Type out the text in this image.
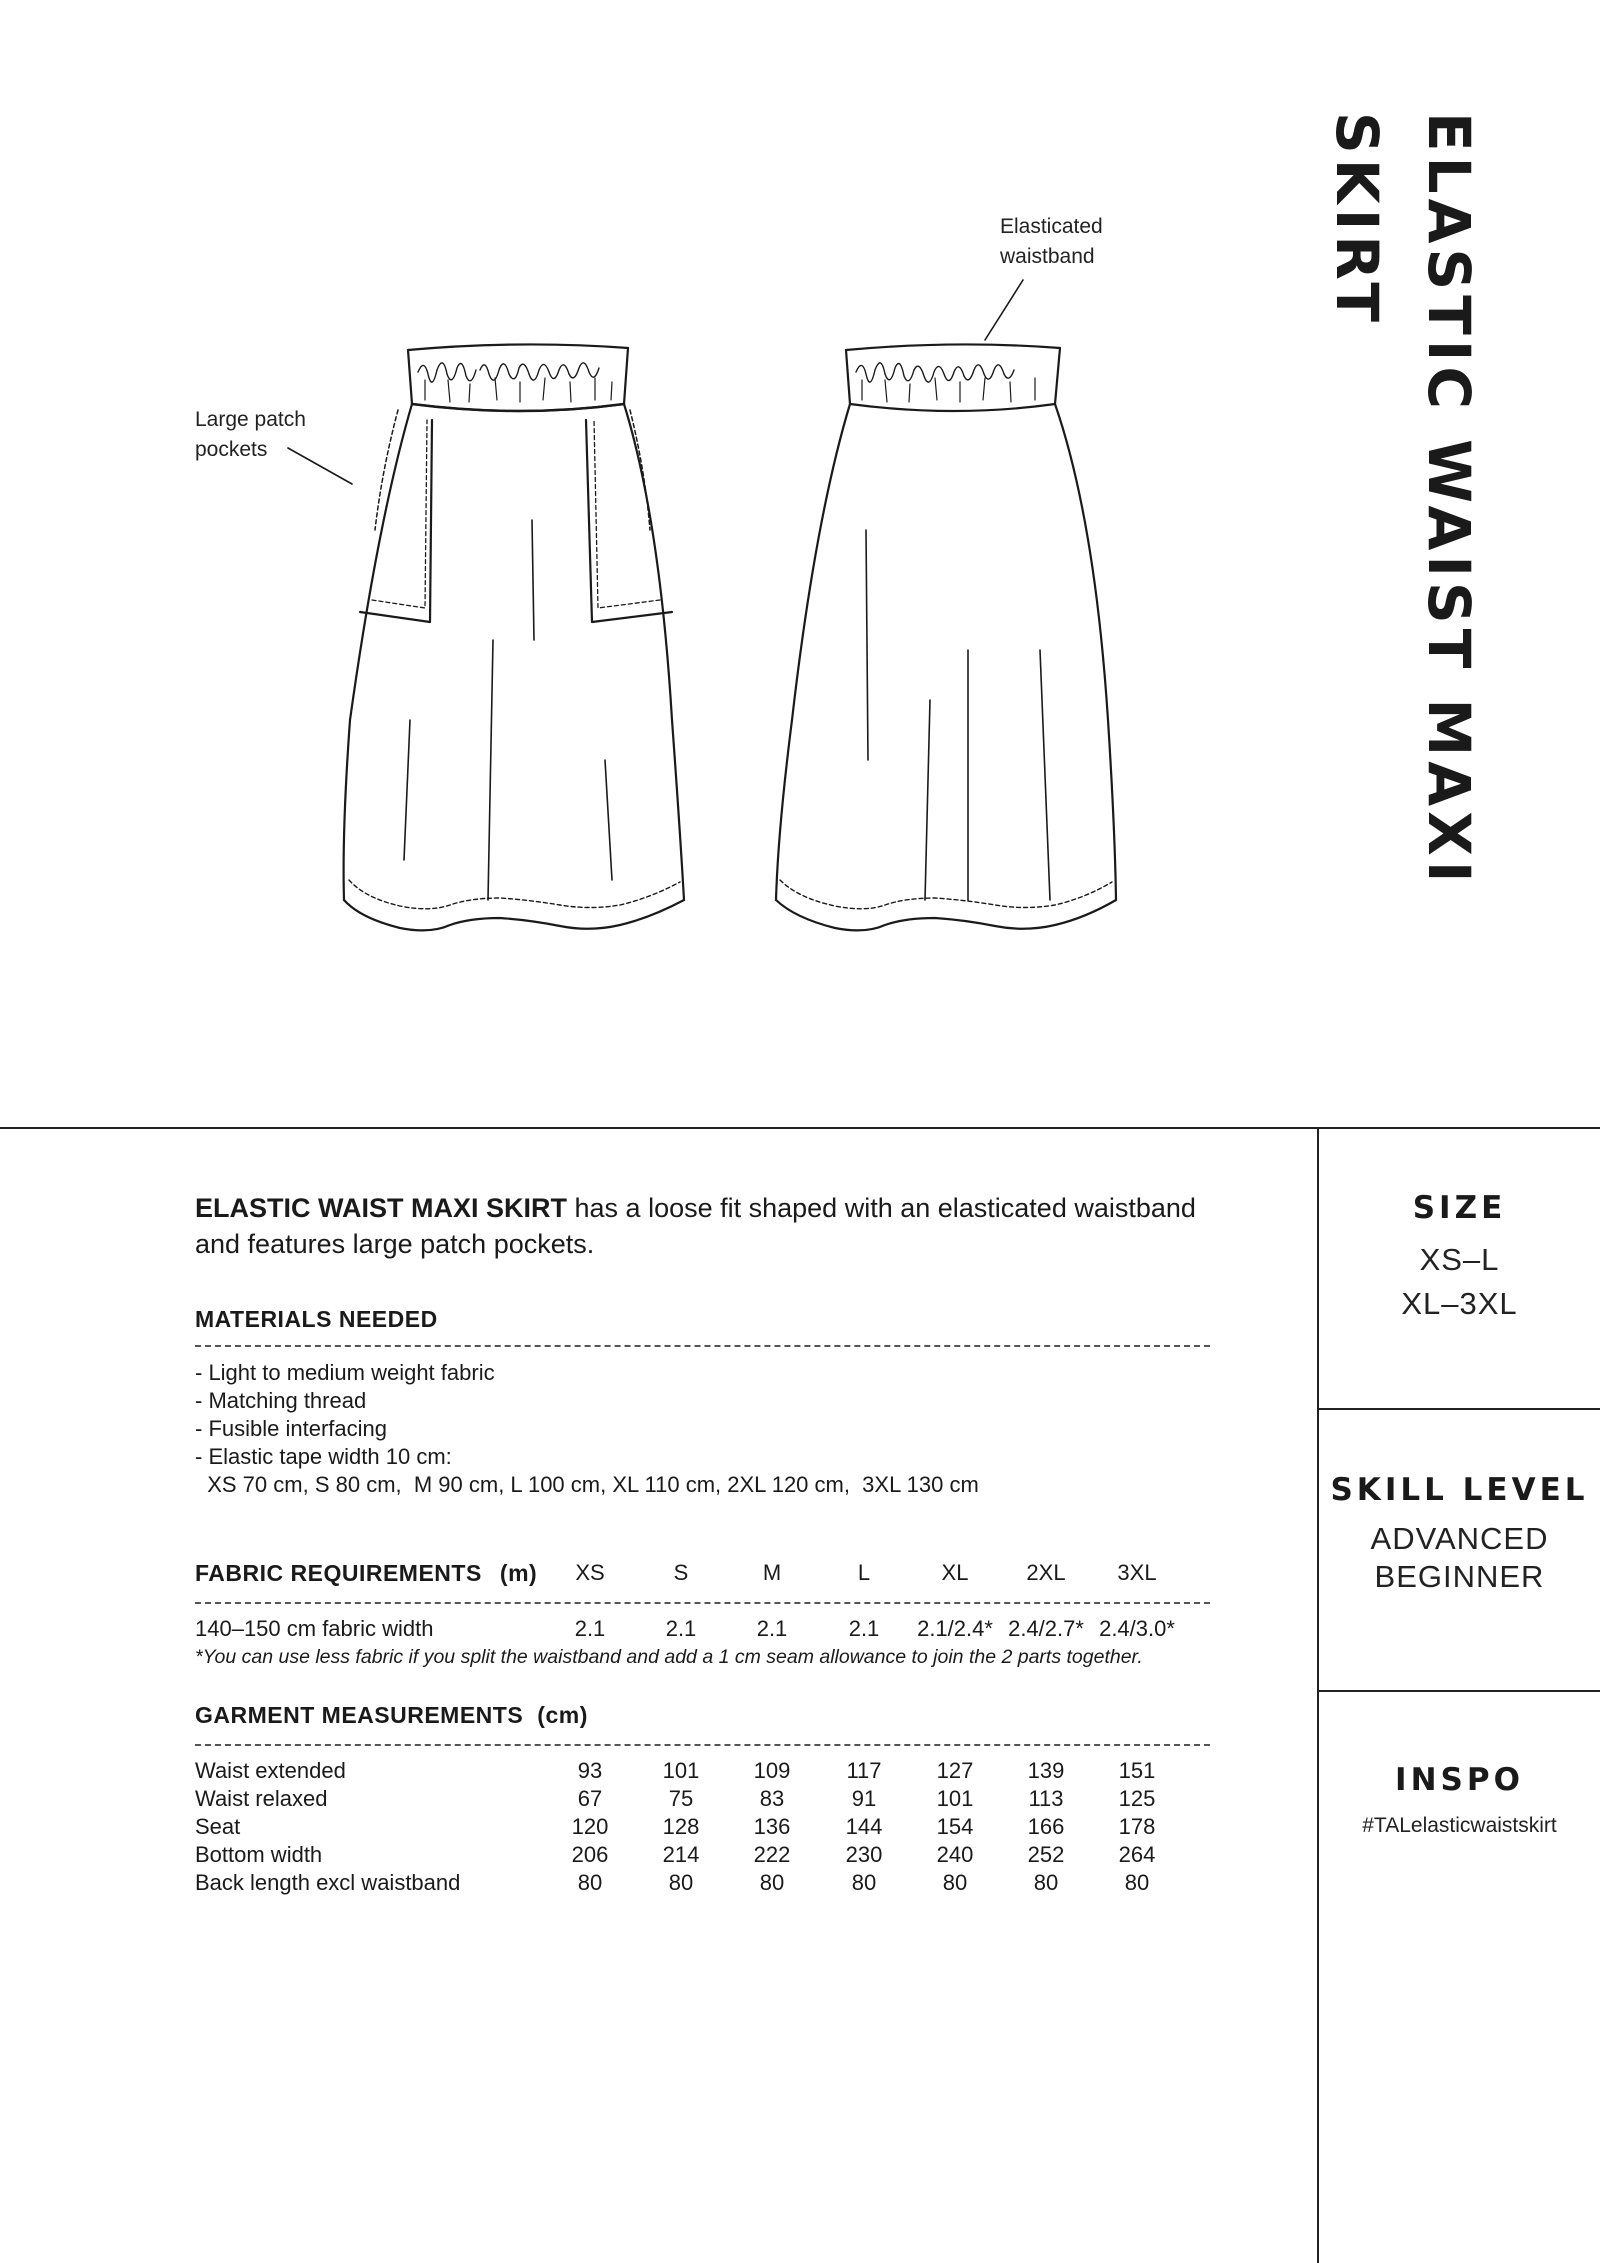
ELASTIC WAIST MAXI
SKIRT
Elasticated
waistband
Large patch
pockets
ELASTIC WAIST MAXI SKIRT has a loose fit shaped with an elasticated waistband and features large patch pockets.
MATERIALS NEEDED
- Light to medium weight fabric
- Matching thread
- Fusible interfacing
- Elastic tape width 10 cm:
XS 70 cm, S 80 cm,  M 90 cm, L 100 cm, XL 110 cm, 2XL 120 cm,  3XL 130 cm
FABRIC REQUIREMENTS (m)	XS	S	M	L	XL	2XL	3XL
140–150 cm fabric width	2.1	2.1	2.1	2.1	2.1/2.4* 2.4/2.7* 2.4/3.0*
*You can use less fabric if you split the waistband and add a 1 cm seam allowance to join the 2 parts together.
GARMENT MEASUREMENTS (cm)
Waist extended	93	101	109	117	127	139	151
Waist relaxed	67	75	83	91	101	113	125
Seat	120	128	136	144	154	166	178
Bottom width	206	214	222	230	240	252	264
Back length excl waistband	80	80	80	80	80	80	80
SIZE
XS–L
XL–3XL
SKILL LEVEL
ADVANCED
BEGINNER
INSPO
#TALelasticwaistskirt
